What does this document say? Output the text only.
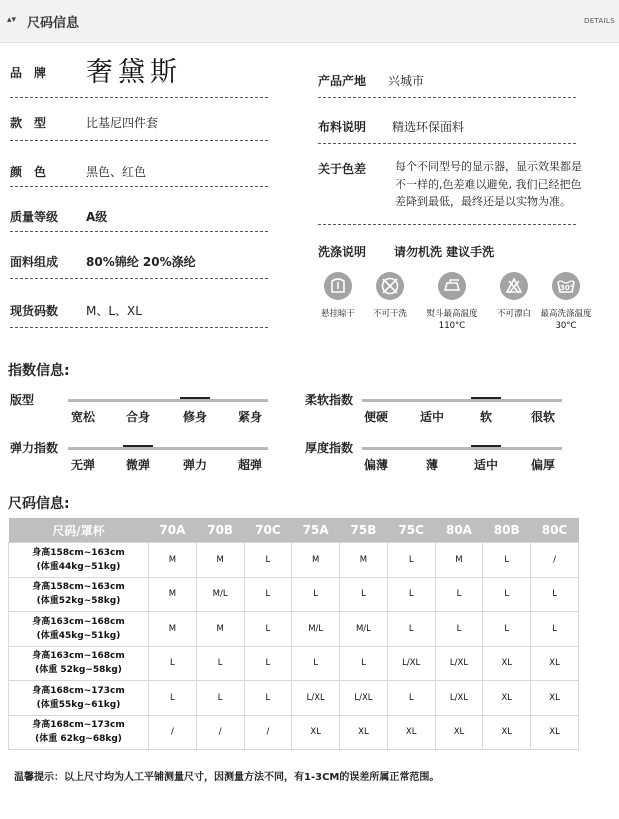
▴▾ 尺码信息	DETAILS
品　牌 奢黛斯
款　型	比基尼四件套
颜　色	黑色、红色
质量等级 A级
面料组成 80%锦纶 20%涤纶
现货码数 M、L、XL
产品产地 兴城市
布料说明 精选环保面料
关于色差	每个不同型号的显示器，显示效果都是
不一样的,色差难以避免, 我们已经把色
差降到最低，最终还是以实物为准。
洗涤说明 请勿机洗 建议手洗
悬挂晾干	不可干洗	熨斗最高温度
110°C
不可漂白
30°
最高洗涤温度
30°C
指数信息:
版型
宽松	合身	修身	紧身
柔软指数
便硬	适中	软	很软
弹力指数
无弹	微弹	弹力	超弹
厚度指数
偏薄	薄	适中	偏厚
尺码信息:
尺码/罩杯	70A	70B	70C	75A	75B	75C	80A	80B	80C

身高158cm~163cm
(体重44kg~51kg)	M	M	L	M	M	L	M	L	/

身高158cm~163cm
(体重52kg~58kg)	M	M/L	L	L	L	L	L	L	L

身高163cm~168cm
(体重45kg~51kg)	M	M	L	M/L	M/L	L	L	L	L

身高163cm~168cm
(体重 52kg~58kg)	L	L	L	L	L	L/XL	L/XL	XL	XL

身高168cm~173cm
(体重55kg~61kg)	L	L	L	L/XL	L/XL	L	L/XL	XL	XL

身高168cm~173cm
(体重 62kg~68kg)	/	/	/	XL	XL	XL	XL	XL	XL
温馨提示：以上尺寸均为人工平铺测量尺寸，因测量方法不同，有1-3CM的误差所属正常范围。
